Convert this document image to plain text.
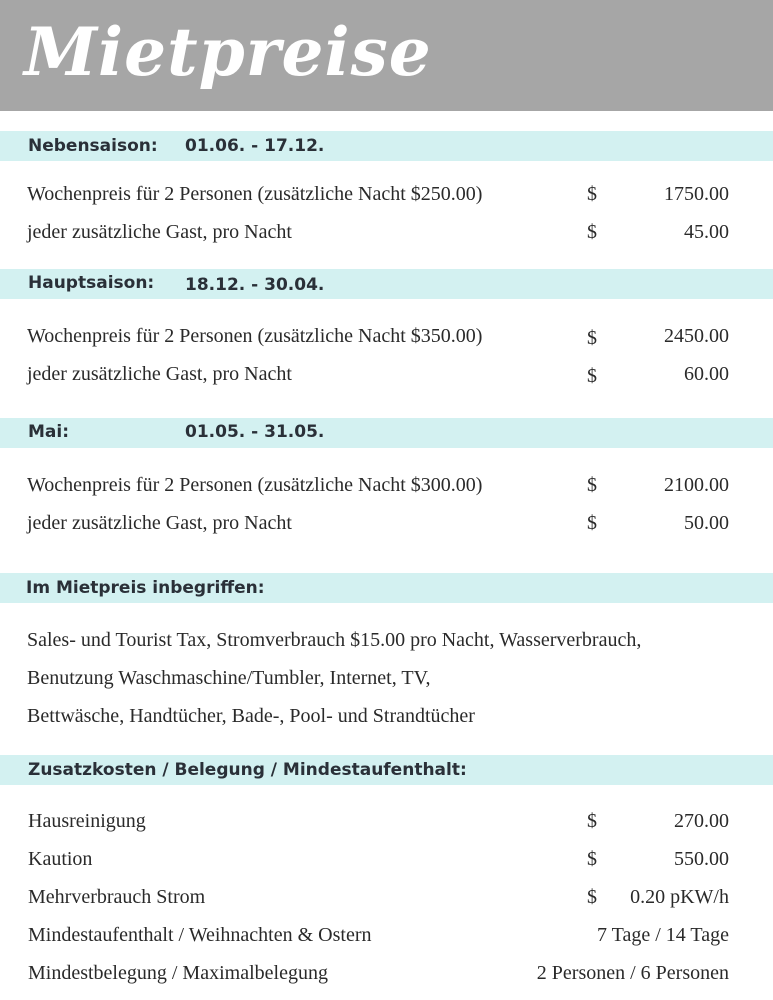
Mietpreise
Nebensaison: 01.06. - 17.12.
Wochenpreis für 2 Personen (zusätzliche Nacht $250.00)	$	1750.00
jeder zusätzliche Gast, pro Nacht	$	45.00
Hauptsaison: 18.12. - 30.04.
Wochenpreis für 2 Personen (zusätzliche Nacht $350.00)	$	2450.00
jeder zusätzliche Gast, pro Nacht	$	60.00
Mai:	01.05. - 31.05.
Wochenpreis für 2 Personen (zusätzliche Nacht $300.00)	$	2100.00
jeder zusätzliche Gast, pro Nacht	$	50.00
Im Mietpreis inbegriffen:
Sales- und Tourist Tax, Stromverbrauch $15.00 pro Nacht, Wasserverbrauch,
Benutzung Waschmaschine/Tumbler, Internet, TV,
Bettwäsche, Handtücher, Bade-, Pool- und Strandtücher
Zusatzkosten / Belegung / Mindestaufenthalt:
Hausreinigung	$	270.00
Kaution	$	550.00
Mehrverbrauch Strom	$ 0.20 pKW/h
Mindestaufenthalt / Weihnachten & Ostern	7 Tage / 14 Tage
Mindestbelegung / Maximalbelegung	2 Personen / 6 Personen
